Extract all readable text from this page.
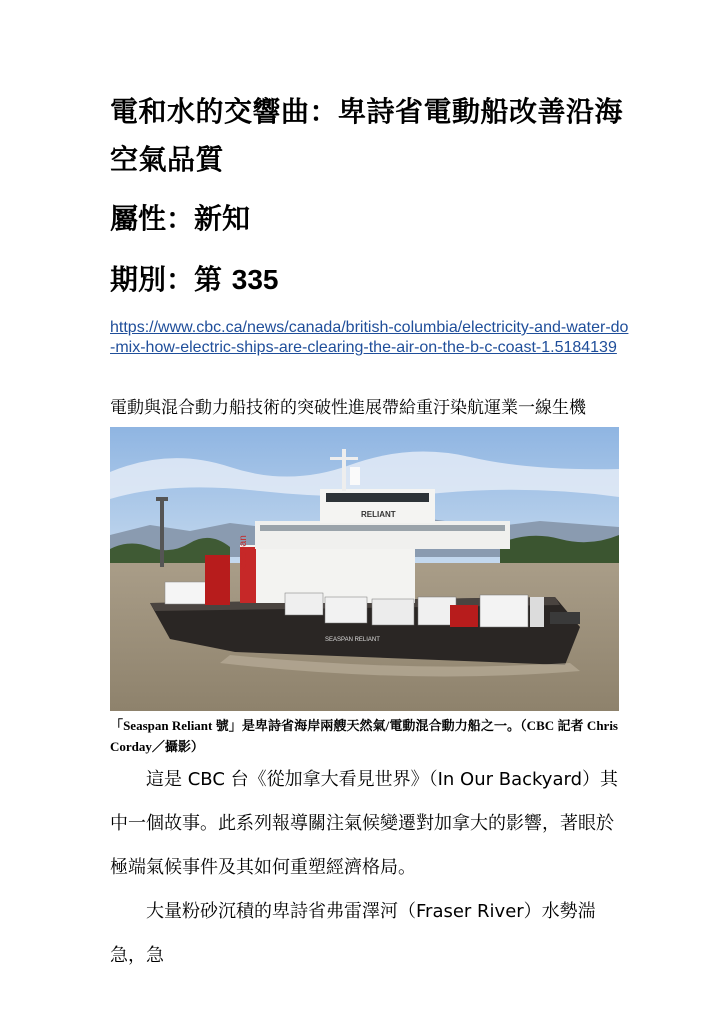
電和水的交響曲：卑詩省電動船改善沿海空氣品質
屬性：新知
期別：第 335
https://www.cbc.ca/news/canada/british-columbia/electricity-and-water-do-mix-how-electric-ships-are-clearing-the-air-on-the-b-c-coast-1.5184139
電動與混合動力船技術的突破性進展帶給重汙染航運業一線生機
SEASPAN RELIANT
seaspan
RELIANT
「Seaspan Reliant 號」是卑詩省海岸兩艘天然氣/電動混合動力船之一。（CBC 記者 Chris Corday／攝影）
這是 CBC 台《從加拿大看見世界》（In Our Backyard）其中一個故事。此系列報導關注氣候變遷對加拿大的影響，著眼於極端氣候事件及其如何重塑經濟格局。
大量粉砂沉積的卑詩省弗雷澤河（Fraser River）水勢湍急，急
